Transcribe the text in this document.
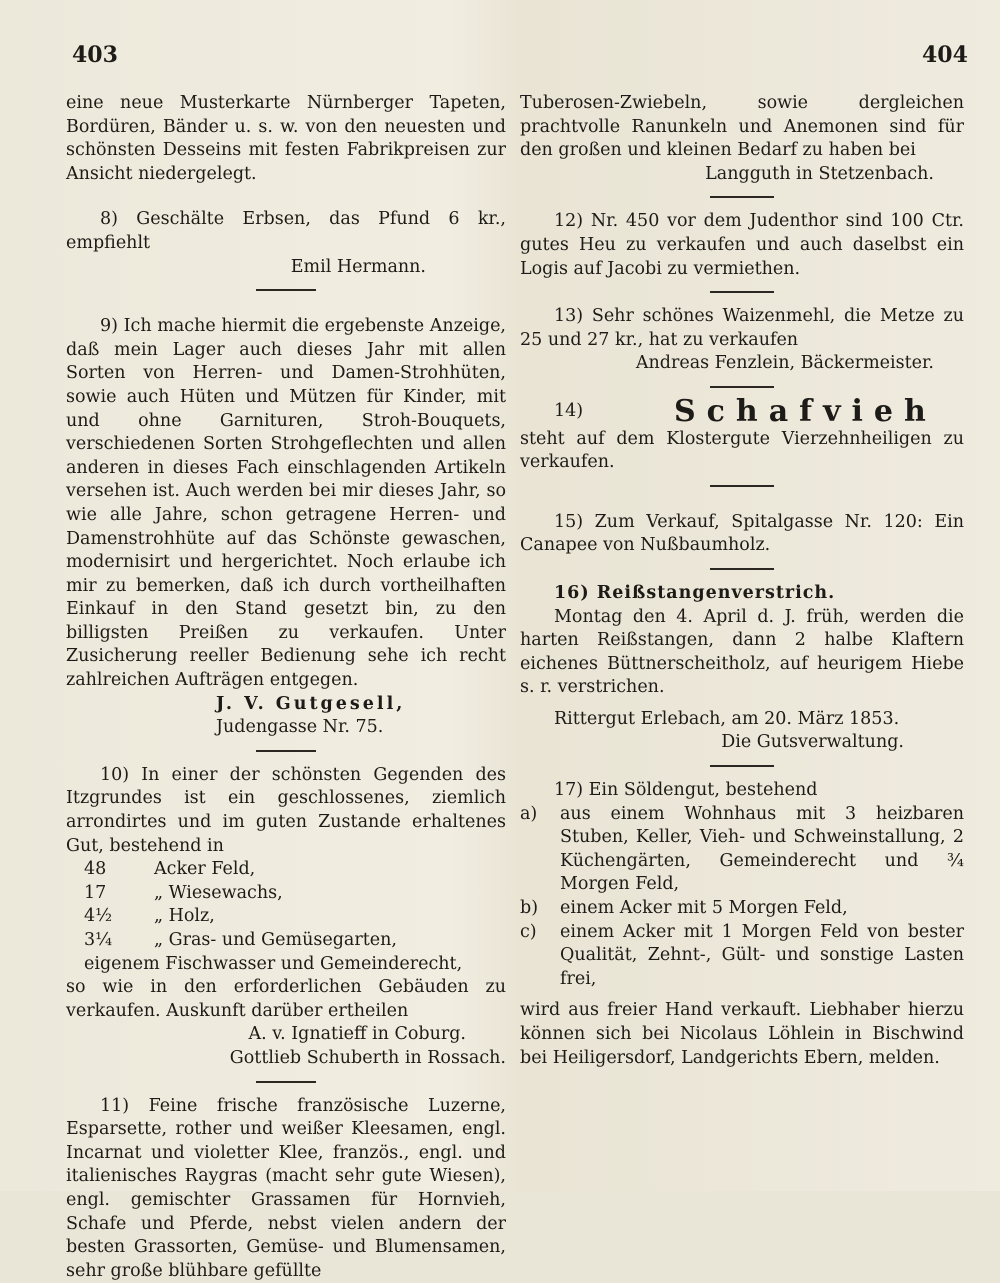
403	404

eine neue Musterkarte Nürnberger Tapeten, Bordüren, Bänder u. s. w. von den neuesten und schönsten Desseins mit festen Fabrikpreisen zur Ansicht niedergelegt.

8) Geschälte Erbsen, das Pfund 6 kr., empfiehlt

Emil Hermann.

9) Ich mache hiermit die ergebenste Anzeige, daß mein Lager auch dieses Jahr mit allen Sorten von Herren- und Damen-Strohhüten, sowie auch Hüten und Mützen für Kinder, mit und ohne Garnituren, Stroh-Bouquets, verschiedenen Sorten Strohgeflechten und allen anderen in dieses Fach einschlagenden Artikeln versehen ist. Auch werden bei mir dieses Jahr, so wie alle Jahre, schon getragene Herren- und Damenstrohhüte auf das Schönste gewaschen, modernisirt und hergerichtet. Noch erlaube ich mir zu bemerken, daß ich durch vortheilhaften Einkauf in den Stand gesetzt bin, zu den billigsten Preißen zu verkaufen. Unter Zusicherung reeller Bedienung sehe ich recht zahlreichen Aufträgen entgegen.

J. V. Gutgesell,

Judengasse Nr. 75.

10) In einer der schönsten Gegenden des Itzgrundes ist ein geschlossenes, ziemlich arrondirtes und im guten Zustande erhaltenes Gut, bestehend in

48	Acker Feld,
17	„ Wiesewachs,
4½	„ Holz,
3¼	„ Gras- und Gemüsegarten,

eigenem Fischwasser und Gemeinderecht,

so wie in den erforderlichen Gebäuden zu verkaufen. Auskunft darüber ertheilen

A. v. Ignatieff in Coburg.

Gottlieb Schuberth in Rossach.

11) Feine frische französische Luzerne, Esparsette, rother und weißer Kleesamen, engl. Incarnat und violetter Klee, französ., engl. und italienisches Raygras (macht sehr gute Wiesen), engl. gemischter Grassamen für Hornvieh, Schafe und Pferde, nebst vielen andern der besten Grassorten, Gemüse- und Blumensamen, sehr große blühbare gefüllte

Tuberosen-Zwiebeln, sowie dergleichen prachtvolle Ranunkeln und Anemonen sind für den großen und kleinen Bedarf zu haben bei

Langguth in Stetzenbach.

12) Nr. 450 vor dem Judenthor sind 100 Ctr. gutes Heu zu verkaufen und auch daselbst ein Logis auf Jacobi zu vermiethen.

13) Sehr schönes Waizenmehl, die Metze zu 25 und 27 kr., hat zu verkaufen

Andreas Fenzlein, Bäckermeister.

14)	Schafvieh

steht auf dem Klostergute Vierzehnheiligen zu verkaufen.

15) Zum Verkauf, Spitalgasse Nr. 120: Ein Canapee von Nußbaumholz.

16) Reißstangenverstrich.

Montag den 4. April d. J. früh, werden die harten Reißstangen, dann 2 halbe Klaftern eichenes Büttnerscheitholz, auf heurigem Hiebe s. r. verstrichen.

Rittergut Erlebach, am 20. März 1853.

Die Gutsverwaltung.

17) Ein Söldengut, bestehend

a)	aus einem Wohnhaus mit 3 heizbaren Stuben, Keller, Vieh- und Schweinstallung, 2 Küchengärten, Gemeinderecht und ¾ Morgen Feld,
b)	einem Acker mit 5 Morgen Feld,
c)	einem Acker mit 1 Morgen Feld von bester Qualität, Zehnt-, Gült- und sonstige Lasten frei,

wird aus freier Hand verkauft. Liebhaber hierzu können sich bei Nicolaus Löhlein in Bischwind bei Heiligersdorf, Landgerichts Ebern, melden.
